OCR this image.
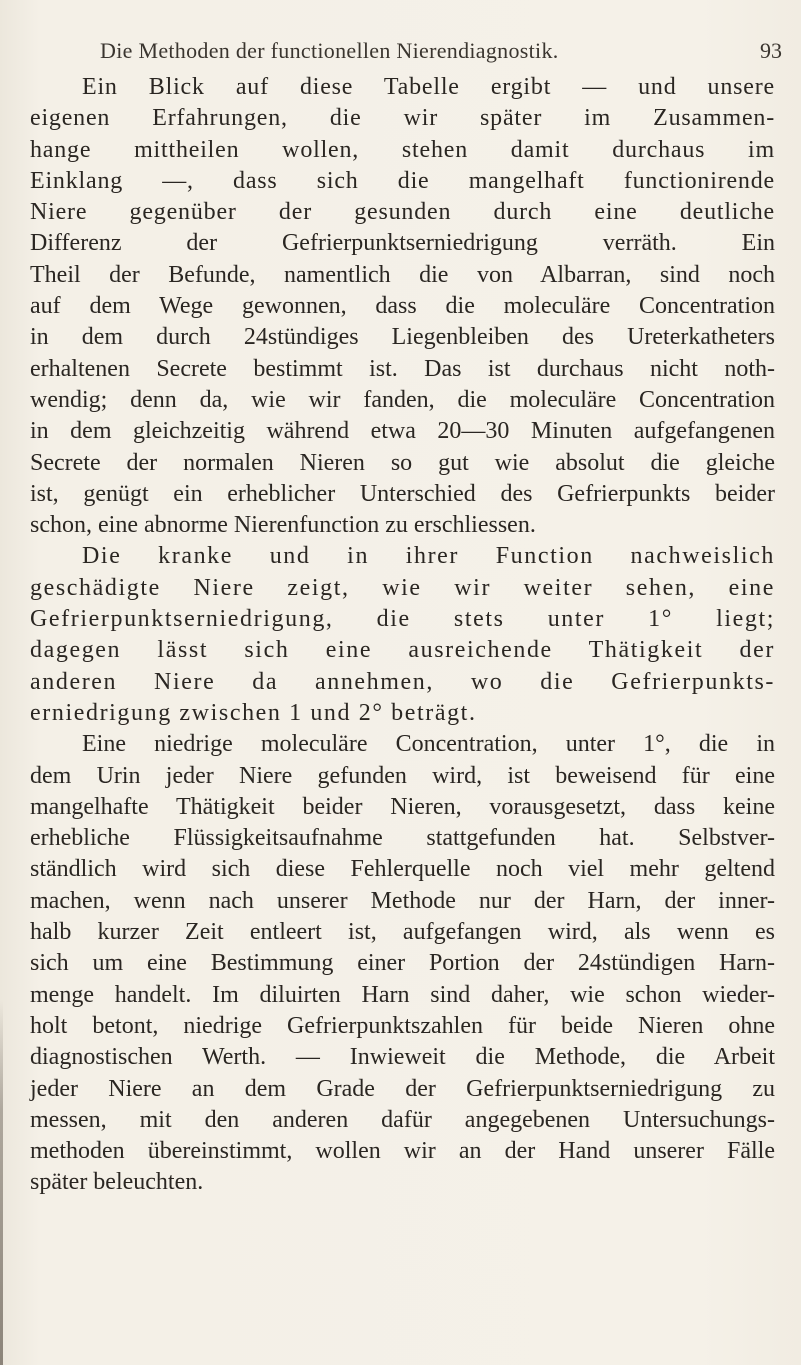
Die Methoden der functionellen Nierendiagnostik.	93
Ein Blick auf diese Tabelle ergibt — und unsere
eigenen Erfahrungen, die wir später im Zusammen-
hange mittheilen wollen, stehen damit durchaus im
Einklang —, dass sich die mangelhaft functionirende
Niere gegenüber der gesunden durch eine deutliche
Differenz der Gefrierpunktserniedrigung verräth. Ein
Theil der Befunde, namentlich die von Albarran, sind noch
auf dem Wege gewonnen, dass die moleculäre Concentration
in dem durch 24stündiges Liegenbleiben des Ureterkatheters
erhaltenen Secrete bestimmt ist. Das ist durchaus nicht noth-
wendig; denn da, wie wir fanden, die moleculäre Concentration
in dem gleichzeitig während etwa 20—30 Minuten aufgefangenen
Secrete der normalen Nieren so gut wie absolut die gleiche
ist, genügt ein erheblicher Unterschied des Gefrierpunkts beider
schon, eine abnorme Nierenfunction zu erschliessen.
Die kranke und in ihrer Function nachweislich
geschädigte Niere zeigt, wie wir weiter sehen, eine
Gefrierpunktserniedrigung, die stets unter 1° liegt;
dagegen lässt sich eine ausreichende Thätigkeit der
anderen Niere da annehmen, wo die Gefrierpunkts-
erniedrigung zwischen 1 und 2° beträgt.
Eine niedrige moleculäre Concentration, unter 1°, die in
dem Urin jeder Niere gefunden wird, ist beweisend für eine
mangelhafte Thätigkeit beider Nieren, vorausgesetzt, dass keine
erhebliche Flüssigkeitsaufnahme stattgefunden hat. Selbstver-
ständlich wird sich diese Fehlerquelle noch viel mehr geltend
machen, wenn nach unserer Methode nur der Harn, der inner-
halb kurzer Zeit entleert ist, aufgefangen wird, als wenn es
sich um eine Bestimmung einer Portion der 24stündigen Harn-
menge handelt. Im diluirten Harn sind daher, wie schon wieder-
holt betont, niedrige Gefrierpunktszahlen für beide Nieren ohne
diagnostischen Werth. — Inwieweit die Methode, die Arbeit
jeder Niere an dem Grade der Gefrierpunktserniedrigung zu
messen, mit den anderen dafür angegebenen Untersuchungs-
methoden übereinstimmt, wollen wir an der Hand unserer Fälle
später beleuchten.
